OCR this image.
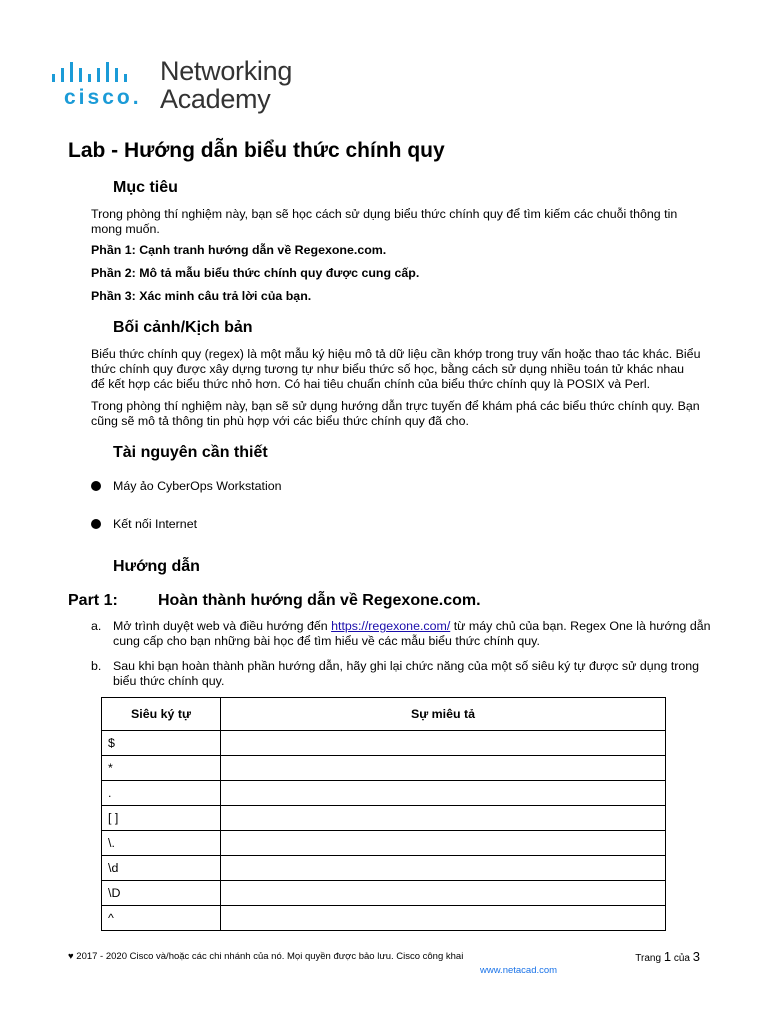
cisco.
Networking
Academy
Lab - Hướng dẫn biểu thức chính quy
Mục tiêu
Trong phòng thí nghiệm này, bạn sẽ học cách sử dụng biểu thức chính quy để tìm kiếm các chuỗi thông tin mong muốn.
Phần 1: Cạnh tranh hướng dẫn về Regexone.com.
Phần 2: Mô tả mẫu biểu thức chính quy được cung cấp.
Phần 3: Xác minh câu trả lời của bạn.
Bối cảnh/Kịch bản
Biểu thức chính quy (regex) là một mẫu ký hiệu mô tả dữ liệu cần khớp trong truy vấn hoặc thao tác khác. Biểu thức chính quy được xây dựng tương tự như biểu thức số học, bằng cách sử dụng nhiều toán tử khác nhau để kết hợp các biểu thức nhỏ hơn. Có hai tiêu chuẩn chính của biểu thức chính quy là POSIX và Perl.
Trong phòng thí nghiệm này, bạn sẽ sử dụng hướng dẫn trực tuyến để khám phá các biểu thức chính quy. Bạn cũng sẽ mô tả thông tin phù hợp với các biểu thức chính quy đã cho.
Tài nguyên cần thiết
Máy ảo CyberOps Workstation
Kết nối Internet
Hướng dẫn
Part 1:	Hoàn thành hướng dẫn về Regexone.com.
a. Mở trình duyệt web và điều hướng đến https://regexone.com/ từ máy chủ của bạn. Regex One là hướng dẫn cung cấp cho bạn những bài học để tìm hiểu về các mẫu biểu thức chính quy.
b. Sau khi bạn hoàn thành phần hướng dẫn, hãy ghi lại chức năng của một số siêu ký tự được sử dụng trong biểu thức chính quy.
Siêu ký tự	Sự miêu tả
$	
*	
.	
[ ]	
\.	
\d	
\D	
^	
♥ 2017 - 2020 Cisco và/hoặc các chi nhánh của nó. Mọi quyền được bảo lưu. Cisco công khai	Trang 1 của 3
www.netacad.com
